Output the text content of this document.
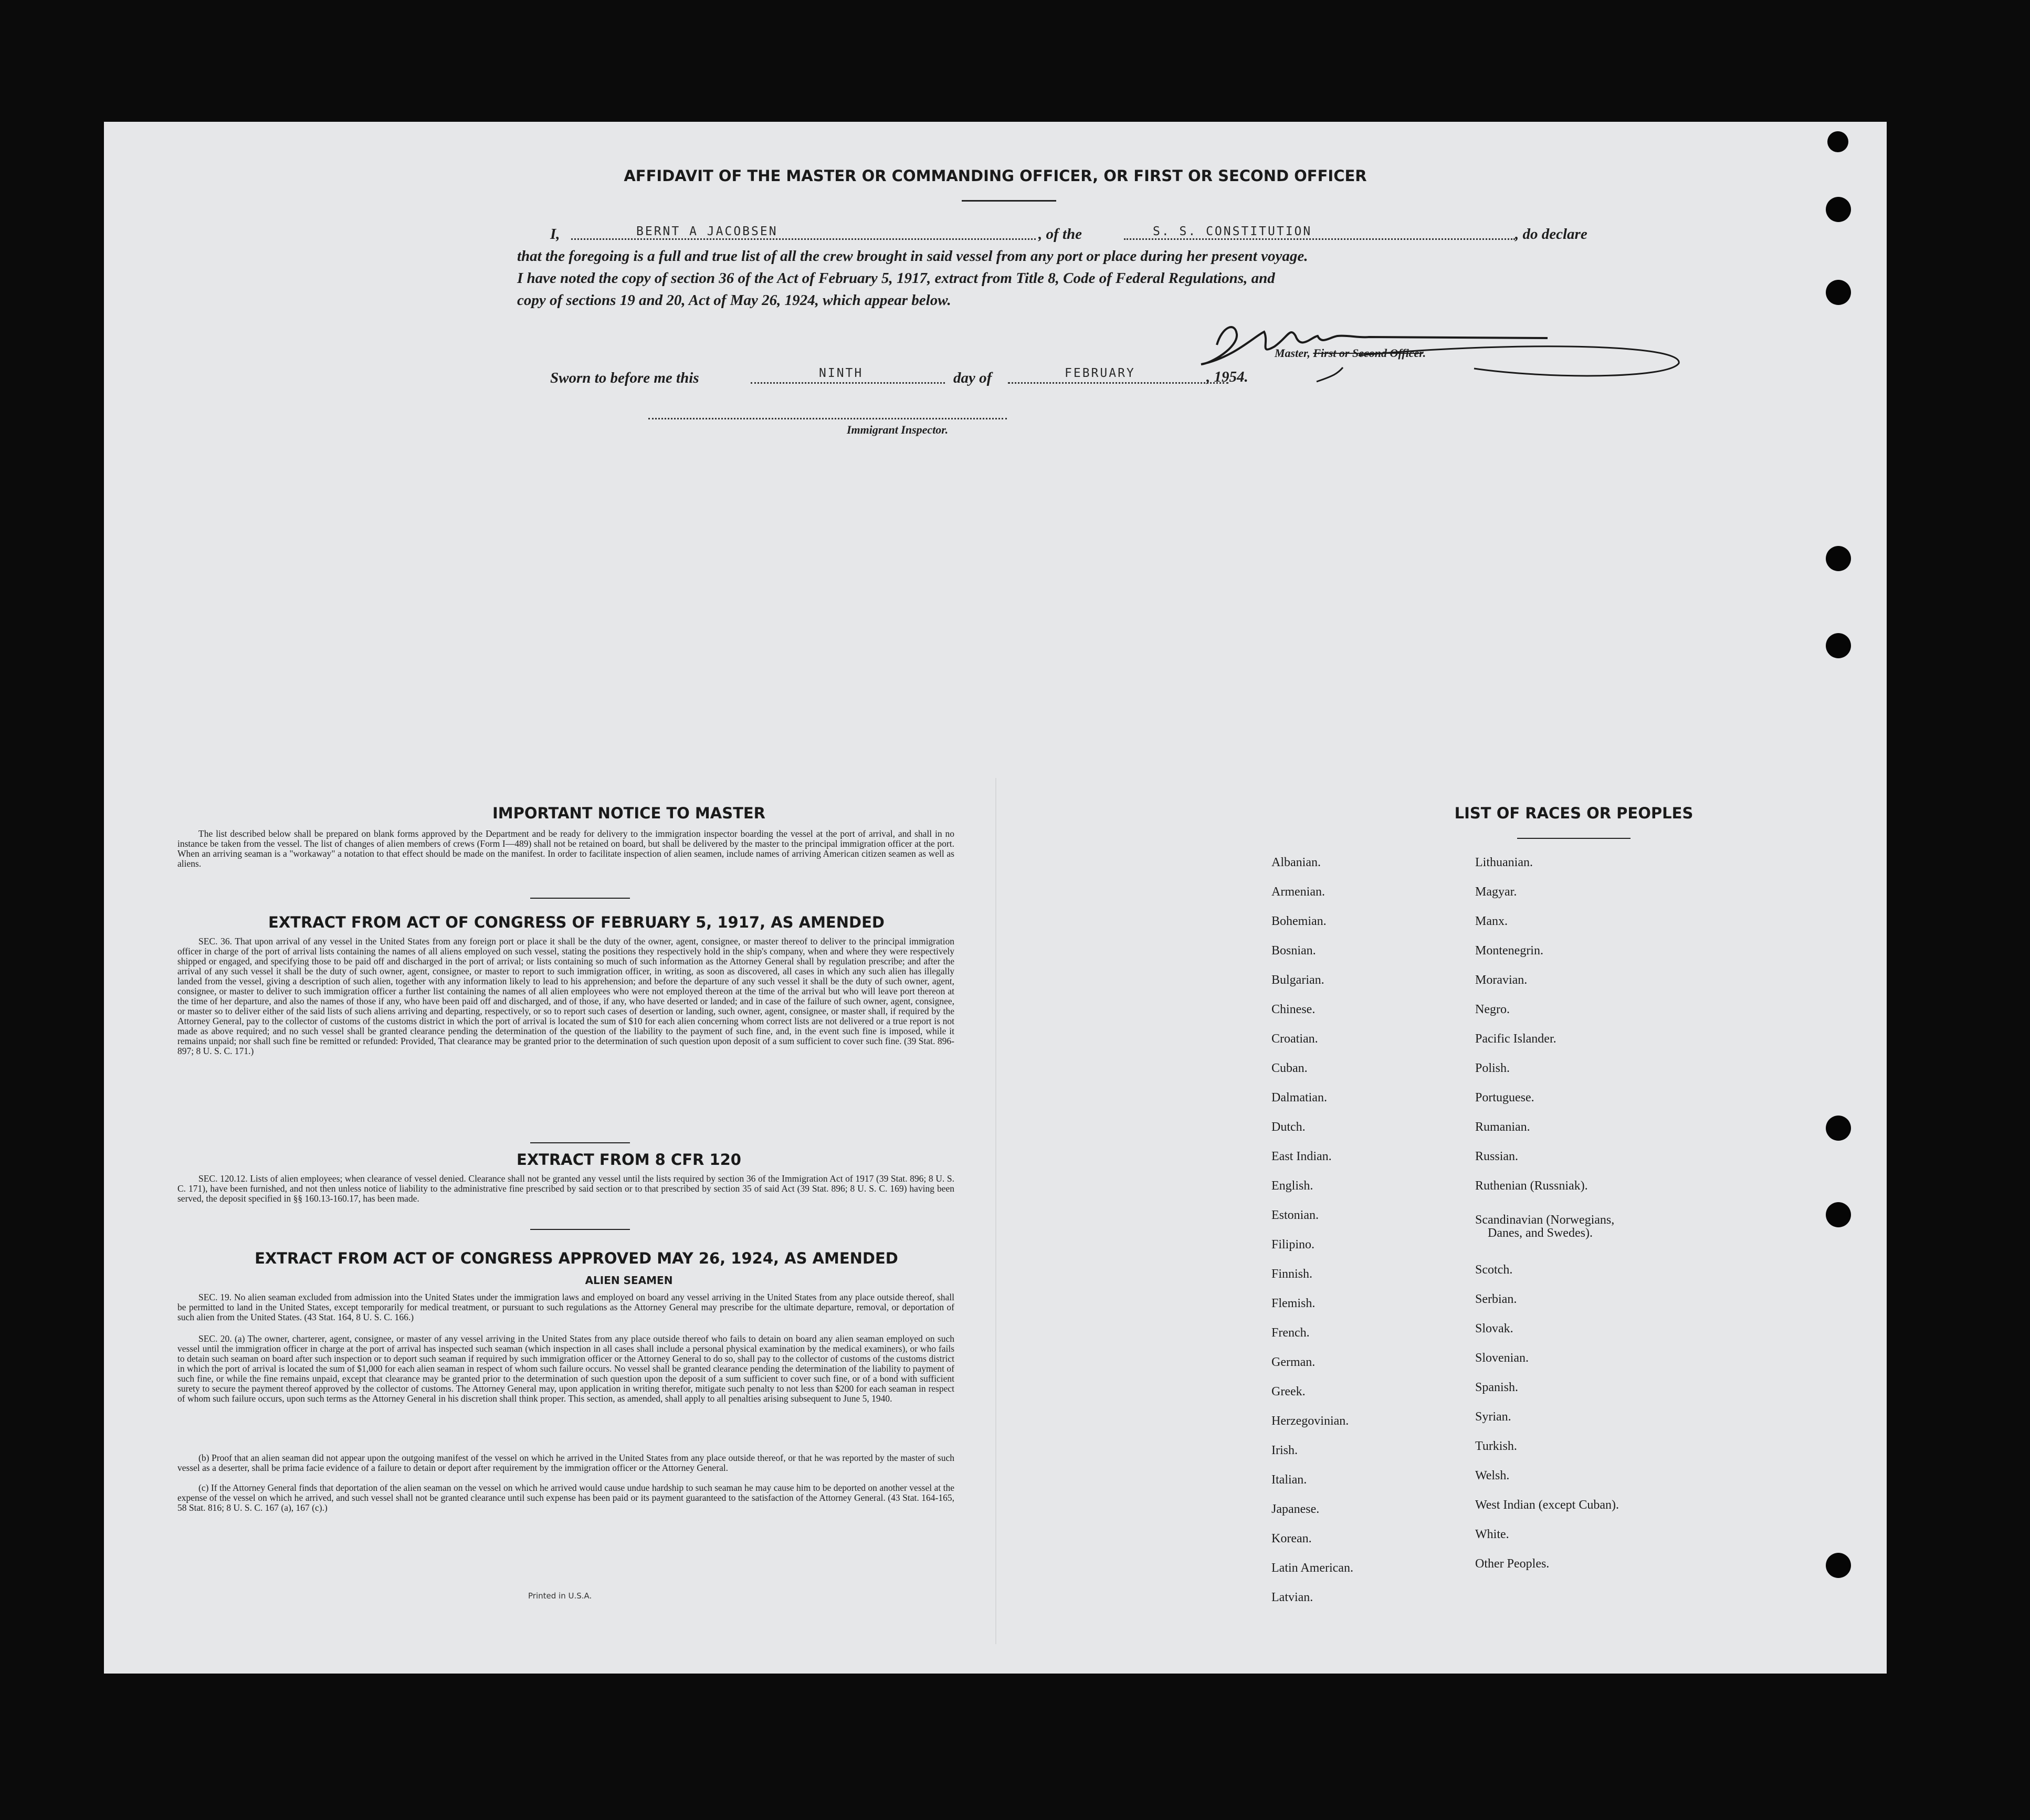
AFFIDAVIT OF THE MASTER OR COMMANDING OFFICER, OR FIRST OR SECOND OFFICER
I,	BERNT A JACOBSEN	, of the	S. S. CONSTITUTION	, do declare
that the foregoing is a full and true list of all the crew brought in said vessel from any port or place during her present voyage.
I have noted the copy of section 36 of the Act of February 5, 1917, extract from Title 8, Code of Federal Regulations, and
copy of sections 19 and 20, Act of May 26, 1924, which appear below.
Master, First or Second Officer.
Sworn to before me this	NINTH	day of	FEBRUARY	, 1954.
Immigrant Inspector.
IMPORTANT NOTICE TO MASTER
The list described below shall be prepared on blank forms approved by the Department and be ready for delivery to the immigration inspector boarding the vessel at the port of arrival, and shall in no instance be taken from the vessel. The list of changes of alien members of crews (Form I—489) shall not be retained on board, but shall be delivered by the master to the principal immigration officer at the port. When an arriving seaman is a "workaway" a notation to that effect should be made on the manifest. In order to facilitate inspection of alien seamen, include names of arriving American citizen seamen as well as aliens.
EXTRACT FROM ACT OF CONGRESS OF FEBRUARY 5, 1917, AS AMENDED
SEC. 36. That upon arrival of any vessel in the United States from any foreign port or place it shall be the duty of the owner, agent, consignee, or master thereof to deliver to the principal immigration officer in charge of the port of arrival lists containing the names of all aliens employed on such vessel, stating the positions they respectively hold in the ship's company, when and where they were respectively shipped or engaged, and specifying those to be paid off and discharged in the port of arrival; or lists containing so much of such information as the Attorney General shall by regulation prescribe; and after the arrival of any such vessel it shall be the duty of such owner, agent, consignee, or master to report to such immigration officer, in writing, as soon as discovered, all cases in which any such alien has illegally landed from the vessel, giving a description of such alien, together with any information likely to lead to his apprehension; and before the departure of any such vessel it shall be the duty of such owner, agent, consignee, or master to deliver to such immigration officer a further list containing the names of all alien employees who were not employed thereon at the time of the arrival but who will leave port thereon at the time of her departure, and also the names of those if any, who have been paid off and discharged, and of those, if any, who have deserted or landed; and in case of the failure of such owner, agent, consignee, or master so to deliver either of the said lists of such aliens arriving and departing, respectively, or so to report such cases of desertion or landing, such owner, agent, consignee, or master shall, if required by the Attorney General, pay to the collector of customs of the customs district in which the port of arrival is located the sum of $10 for each alien concerning whom correct lists are not delivered or a true report is not made as above required; and no such vessel shall be granted clearance pending the determination of the question of the liability to the payment of such fine, and, in the event such fine is imposed, while it remains unpaid; nor shall such fine be remitted or refunded: Provided, That clearance may be granted prior to the determination of such question upon deposit of a sum sufficient to cover such fine. (39 Stat. 896-897; 8 U. S. C. 171.)
EXTRACT FROM 8 CFR 120
SEC. 120.12. Lists of alien employees; when clearance of vessel denied. Clearance shall not be granted any vessel until the lists required by section 36 of the Immigration Act of 1917 (39 Stat. 896; 8 U. S. C. 171), have been furnished, and not then unless notice of liability to the administrative fine prescribed by said section or to that prescribed by section 35 of said Act (39 Stat. 896; 8 U. S. C. 169) having been served, the deposit specified in §§ 160.13-160.17, has been made.
EXTRACT FROM ACT OF CONGRESS APPROVED MAY 26, 1924, AS AMENDED
ALIEN SEAMEN
SEC. 19. No alien seaman excluded from admission into the United States under the immigration laws and employed on board any vessel arriving in the United States from any place outside thereof, shall be permitted to land in the United States, except temporarily for medical treatment, or pursuant to such regulations as the Attorney General may prescribe for the ultimate departure, removal, or deportation of such alien from the United States. (43 Stat. 164, 8 U. S. C. 166.)
SEC. 20. (a) The owner, charterer, agent, consignee, or master of any vessel arriving in the United States from any place outside thereof who fails to detain on board any alien seaman employed on such vessel until the immigration officer in charge at the port of arrival has inspected such seaman (which inspection in all cases shall include a personal physical examination by the medical examiners), or who fails to detain such seaman on board after such inspection or to deport such seaman if required by such immigration officer or the Attorney General to do so, shall pay to the collector of customs of the customs district in which the port of arrival is located the sum of $1,000 for each alien seaman in respect of whom such failure occurs. No vessel shall be granted clearance pending the determination of the liability to payment of such fine, or while the fine remains unpaid, except that clearance may be granted prior to the determination of such question upon the deposit of a sum sufficient to cover such fine, or of a bond with sufficient surety to secure the payment thereof approved by the collector of customs. The Attorney General may, upon application in writing therefor, mitigate such penalty to not less than $200 for each seaman in respect of whom such failure occurs, upon such terms as the Attorney General in his discretion shall think proper. This section, as amended, shall apply to all penalties arising subsequent to June 5, 1940.
(b) Proof that an alien seaman did not appear upon the outgoing manifest of the vessel on which he arrived in the United States from any place outside thereof, or that he was reported by the master of such vessel as a deserter, shall be prima facie evidence of a failure to detain or deport after requirement by the immigration officer or the Attorney General.
(c) If the Attorney General finds that deportation of the alien seaman on the vessel on which he arrived would cause undue hardship to such seaman he may cause him to be deported on another vessel at the expense of the vessel on which he arrived, and such vessel shall not be granted clearance until such expense has been paid or its payment guaranteed to the satisfaction of the Attorney General. (43 Stat. 164-165, 58 Stat. 816; 8 U. S. C. 167 (a), 167 (c).)
Printed in U.S.A.
LIST OF RACES OR PEOPLES
Albanian.
Armenian.
Bohemian.
Bosnian.
Bulgarian.
Chinese.
Croatian.
Cuban.
Dalmatian.
Dutch.
East Indian.
English.
Estonian.
Filipino.
Finnish.
Flemish.
French.
German.
Greek.
Herzegovinian.
Irish.
Italian.
Japanese.
Korean.
Latin American.
Latvian.
Lithuanian.
Magyar.
Manx.
Montenegrin.
Moravian.
Negro.
Pacific Islander.
Polish.
Portuguese.
Rumanian.
Russian.
Ruthenian (Russniak).
Scandinavian (Norwegians,
Danes, and Swedes).
Scotch.
Serbian.
Slovak.
Slovenian.
Spanish.
Syrian.
Turkish.
Welsh.
West Indian (except Cuban).
White.
Other Peoples.
